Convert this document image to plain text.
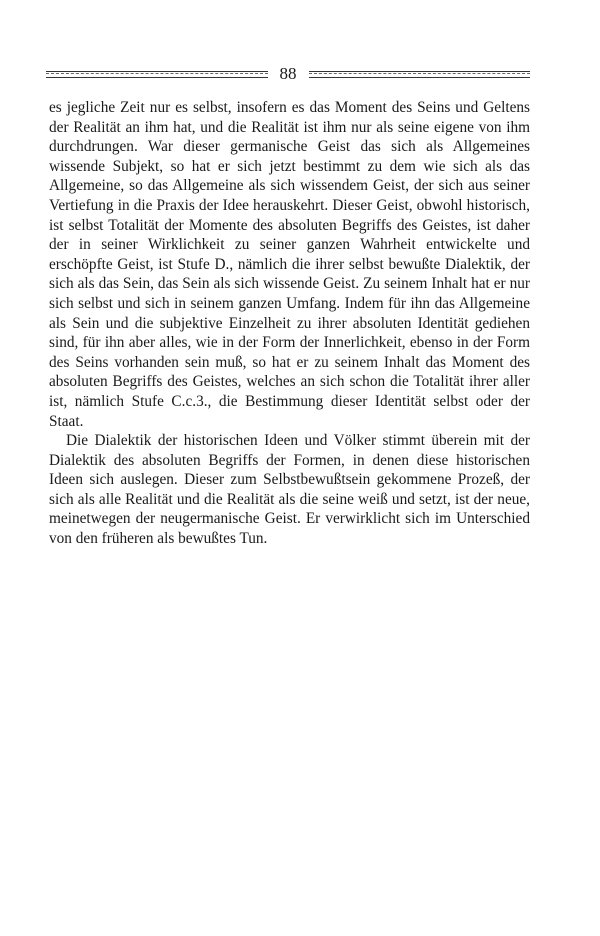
88

es jegliche Zeit nur es selbst, insofern es das Moment des Seins und Geltens der Realität an ihm hat, und die Realität ist ihm nur als seine eigene von ihm durchdrungen. War dieser germanische Geist das sich als Allgemeines wissende Subjekt, so hat er sich jetzt bestimmt zu dem wie sich als das Allgemeine, so das Allgemeine als sich wissendem Geist, der sich aus seiner Vertiefung in die Praxis der Idee herauskehrt. Dieser Geist, obwohl historisch, ist selbst Totalität der Momente des absoluten Begriffs des Geistes, ist daher der in seiner Wirklichkeit zu seiner ganzen Wahrheit entwickelte und erschöpfte Geist, ist Stufe D., nämlich die ihrer selbst bewußte Dialektik, der sich als das Sein, das Sein als sich wissende Geist. Zu seinem Inhalt hat er nur sich selbst und sich in seinem ganzen Umfang. Indem für ihn das Allgemeine als Sein und die subjektive Einzelheit zu ihrer absoluten Identität gediehen sind, für ihn aber alles, wie in der Form der Innerlichkeit, ebenso in der Form des Seins vorhanden sein muß, so hat er zu seinem Inhalt das Moment des absoluten Begriffs des Geistes, welches an sich schon die Totalität ihrer aller ist, nämlich Stufe C.c.3., die Bestimmung dieser Identität selbst oder der Staat.

Die Dialektik der historischen Ideen und Völker stimmt überein mit der Dialektik des absoluten Begriffs der Formen, in denen diese historischen Ideen sich auslegen. Dieser zum Selbstbewußtsein gekommene Prozeß, der sich als alle Realität und die Realität als die seine weiß und setzt, ist der neue, meinetwegen der neugermanische Geist. Er verwirklicht sich im Unterschied von den früheren als bewußtes Tun.
